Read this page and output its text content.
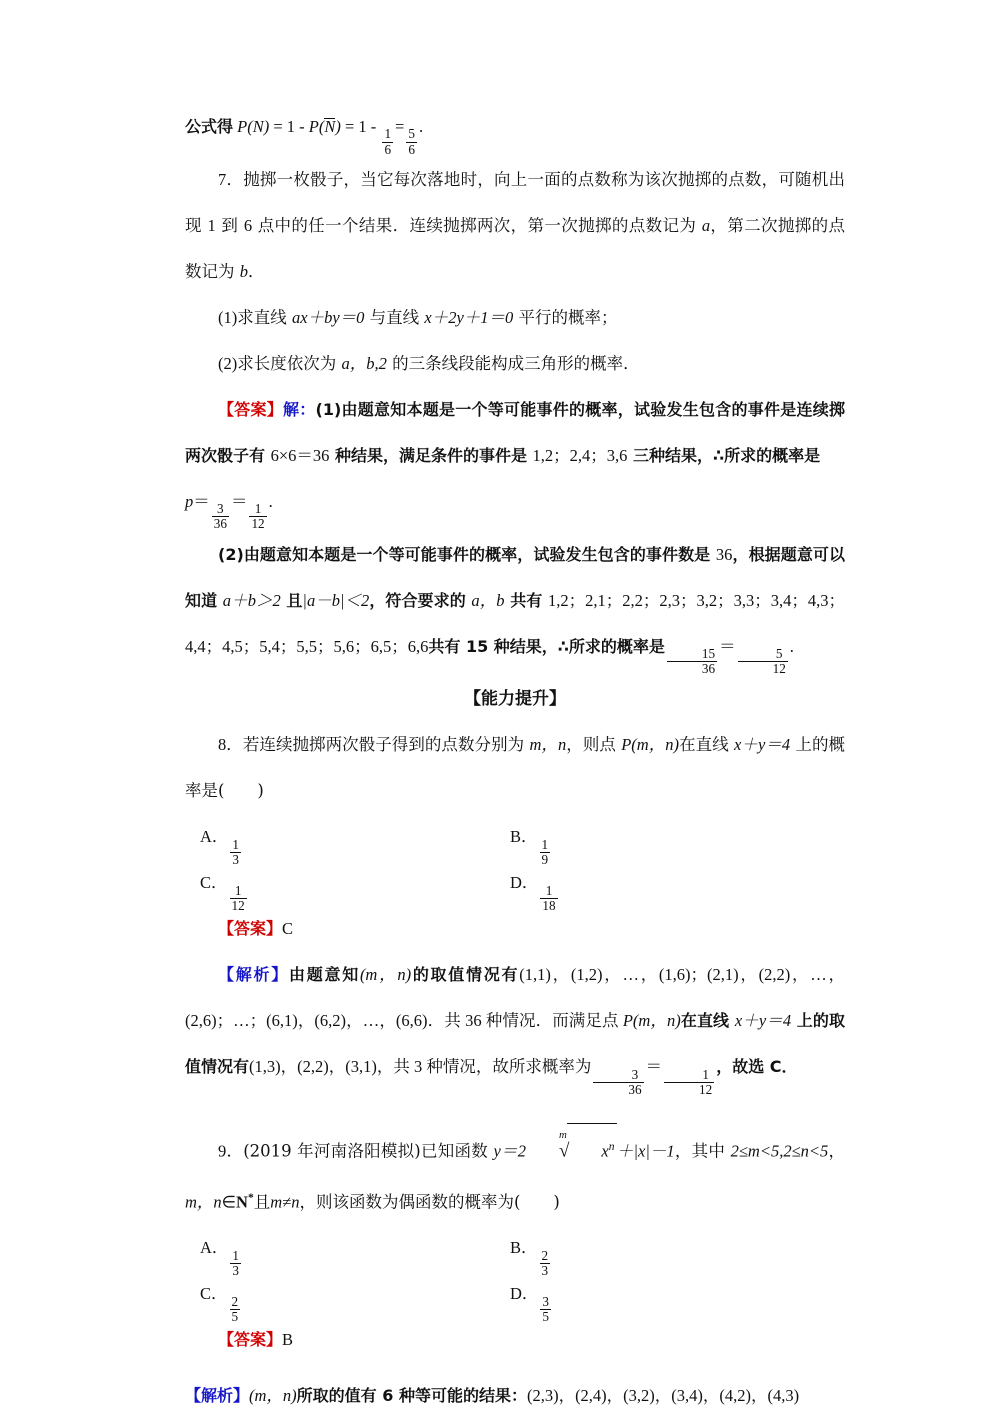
公式得 P(N) = 1 - P(N) = 1 -
$\frac{1}{6}$
=
$\frac{5}{6}$
.
7．抛掷一枚骰子，当它每次落地时，向上一面的点数称为该次抛掷的点数，可随机出现 1 到 6 点中的任一个结果．连续抛掷两次，第一次抛掷的点数记为 a，第二次抛掷的点数记为 b．
(1)求直线 ax＋by＝0 与直线 x＋2y＋1＝0 平行的概率；
(2)求长度依次为 a，b,2 的三条线段能构成三角形的概率．
【答案】解：(1)由题意知本题是一个等可能事件的概率，试验发生包含的事件是连续掷两次骰子有 6×6＝36 种结果，满足条件的事件是 1,2；2,4；3,6 三种结果，∴所求的概率是
p＝
$\frac{3}{36}$
＝
$\frac{1}{12}$
.
(2)由题意知本题是一个等可能事件的概率，试验发生包含的事件数是 36，根据题意可以知道 a＋b＞2 且|a－b|＜2，符合要求的 a，b 共有 1,2；2,1；2,2；2,3；3,2；3,3；3,4；4,3；4,4；4,5；5,4；5,5；5,6；6,5；6,6共有 15 种结果，∴所求的概率是
$\frac{15}{36}$
＝
$\frac{5}{12}$
.
【能力提升】
8．若连续抛掷两次骰子得到的点数分别为 m，n，则点 P(m，n)在直线 x＋y＝4 上的概率是(　　)
A．
$\frac{1}{3}$
B．
$\frac{1}{9}$
C．
$\frac{1}{12}$
D．
$\frac{1}{18}$
【答案】C
【解析】由题意知(m，n)的取值情况有(1,1)，(1,2)，…，(1,6)；(2,1)，(2,2)，…，(2,6)；…；(6,1)，(6,2)，…，(6,6)．共 36 种情况．而满足点 P(m，n)在直线 x＋y＝4 上的取值情况有(1,3)，(2,2)，(3,1)，共 3 种情况，故所求概率为
$\frac{3}{36}$
＝
$\frac{1}{12}$
，故选 C．
9．(2019 年河南洛阳模拟)已知函数 y＝2
m
√ $x^n +|x|-1$，其中 2≤m<5,2≤n<5，m，n∈N*且m≠n，则该函数为偶函数的概率为(　　)
A．
$\frac{1}{3}$
B．
$\frac{2}{3}$
C．
$\frac{2}{5}$
D．
$\frac{3}{5}$
【答案】B
【解析】(m，n)所取的值有 6 种等可能的结果：(2,3)，(2,4)，(3,2)，(3,4)，(4,2)，(4,3)
